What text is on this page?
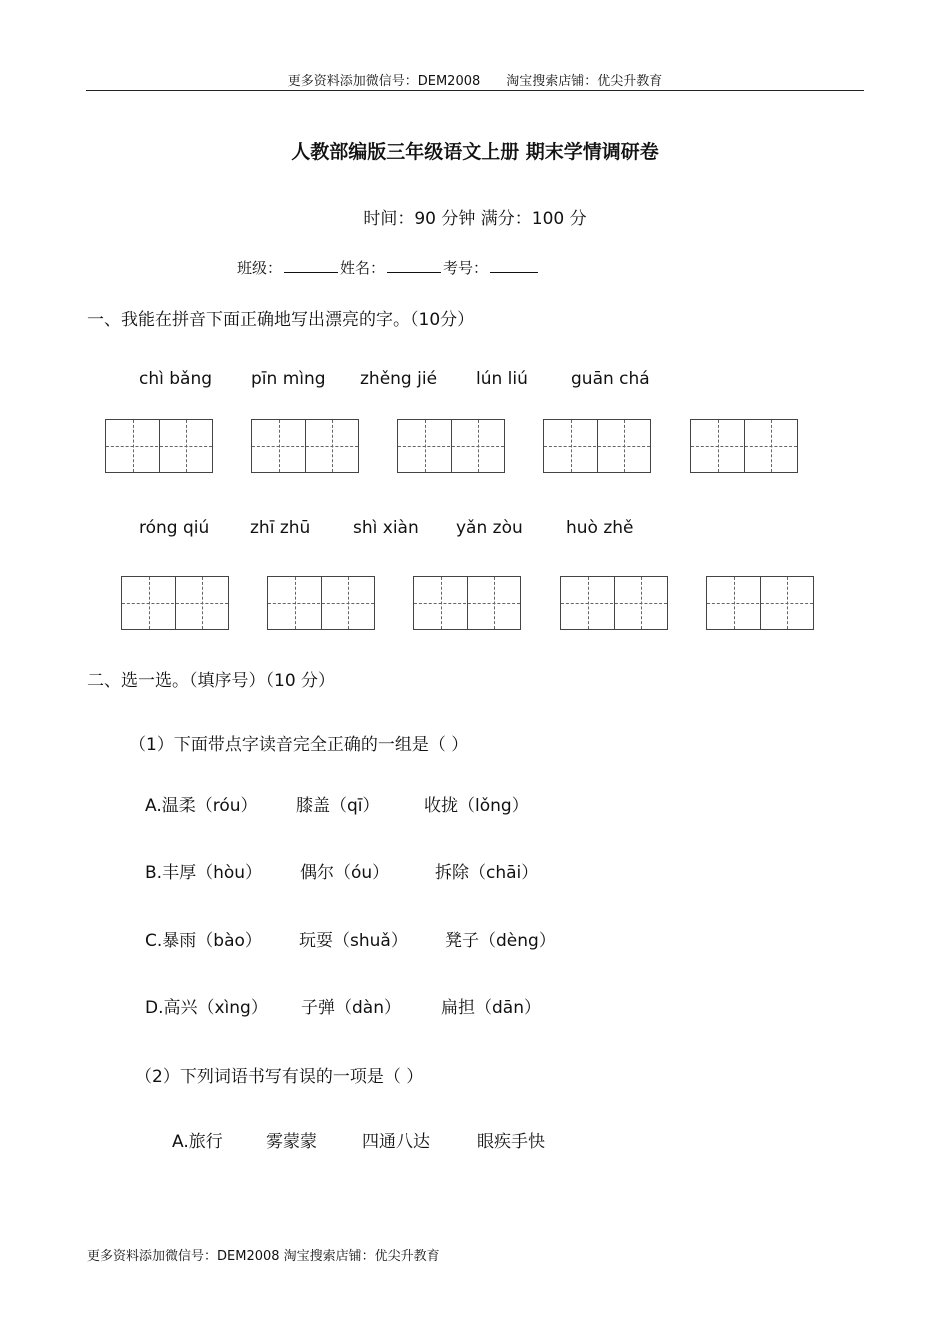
更多资料添加微信号：DEM2008　　淘宝搜索店铺：优尖升教育
人教部编版三年级语文上册 期末学情调研卷
时间：90 分钟 满分：100 分
班级：	姓名：	考号：
一、我能在拼音下面正确地写出漂亮的字。（10分）
chì bǎng pīn mìng zhěng jié lún liú	guān chá
róng qiú zhī zhū	shì xiàn yǎn zòu	huò zhě
二、选一选。（填序号）（10 分）
（1）下面带点字读音完全正确的一组是（ ）
A.温柔（róu） 膝盖（qī）	收拢（lǒng）
B.丰厚（hòu） 偶尔（óu）	拆除（chāi）
C.暴雨（bào） 玩耍（shuǎ） 凳子（dèng）
D.高兴（xìng） 子弹（dàn） 扁担（dān）
（2）下列词语书写有误的一项是（ ）
A.旅行	雾蒙蒙	四通八达	眼疾手快
更多资料添加微信号：DEM2008 淘宝搜索店铺：优尖升教育
